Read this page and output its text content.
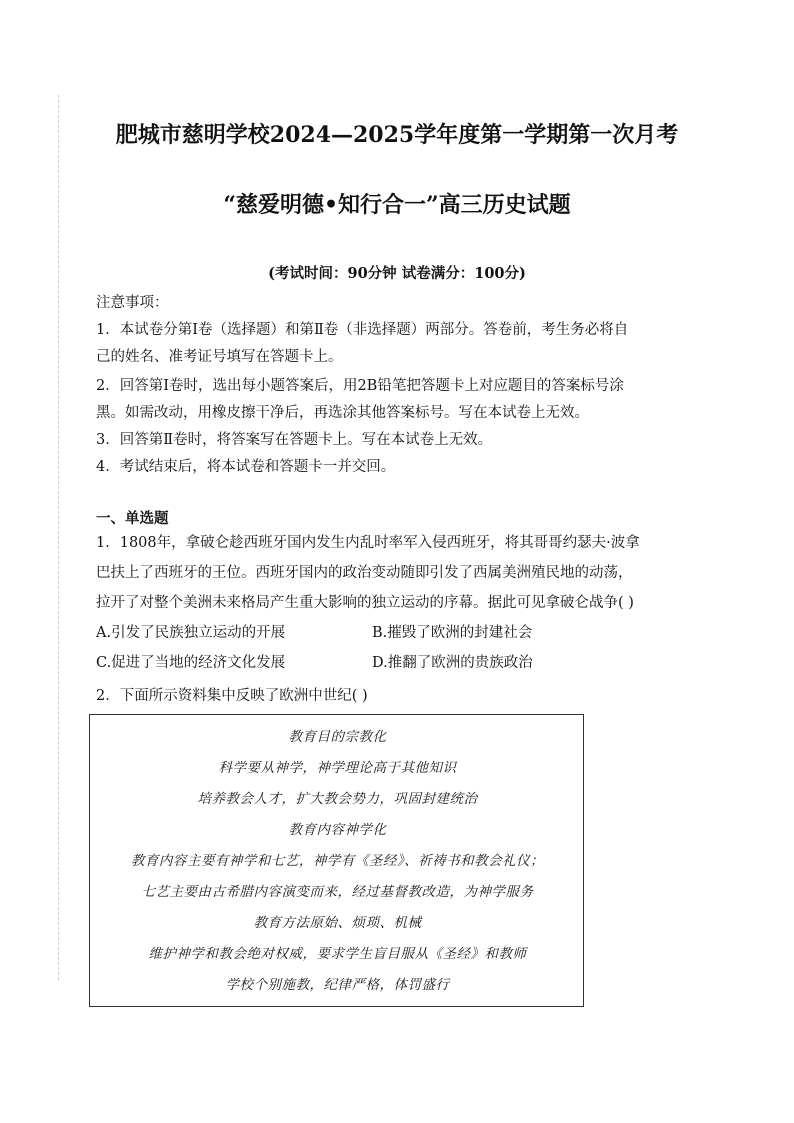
肥城市慈明学校2024—2025学年度第一学期第一次月考
“慈爱明德•知行合一”高三历史试题
(考试时间：90分钟 试卷满分：100分)
注意事项：
1．本试卷分第Ⅰ卷（选择题）和第Ⅱ卷（非选择题）两部分。答卷前，考生务必将自
己的姓名、准考证号填写在答题卡上。
2．回答第Ⅰ卷时，选出每小题答案后，用2B铅笔把答题卡上对应题目的答案标号涂
黑。如需改动，用橡皮擦干净后，再选涂其他答案标号。写在本试卷上无效。
3．回答第Ⅱ卷时，将答案写在答题卡上。写在本试卷上无效。
4．考试结束后，将本试卷和答题卡一并交回。
一、单选题
1．1808年，拿破仑趁西班牙国内发生内乱时率军入侵西班牙，将其哥哥约瑟夫·波拿
巴扶上了西班牙的王位。西班牙国内的政治变动随即引发了西属美洲殖民地的动荡，
拉开了对整个美洲未来格局产生重大影响的独立运动的序幕。据此可见拿破仑战争( )
A.引发了民族独立运动的开展	B.摧毁了欧洲的封建社会
C.促进了当地的经济文化发展	D.推翻了欧洲的贵族政治
2．下面所示资料集中反映了欧洲中世纪( )
教育目的宗教化
科学要从神学，神学理论高于其他知识
培养教会人才，扩大教会势力，巩固封建统治
教育内容神学化
教育内容主要有神学和七艺，神学有《圣经》、祈祷书和教会礼仪；
七艺主要由古希腊内容演变而来，经过基督教改造，为神学服务
教育方法原始、烦琐、机械
维护神学和教会绝对权威，要求学生盲目服从《圣经》和教师
学校个别施教，纪律严格，体罚盛行
